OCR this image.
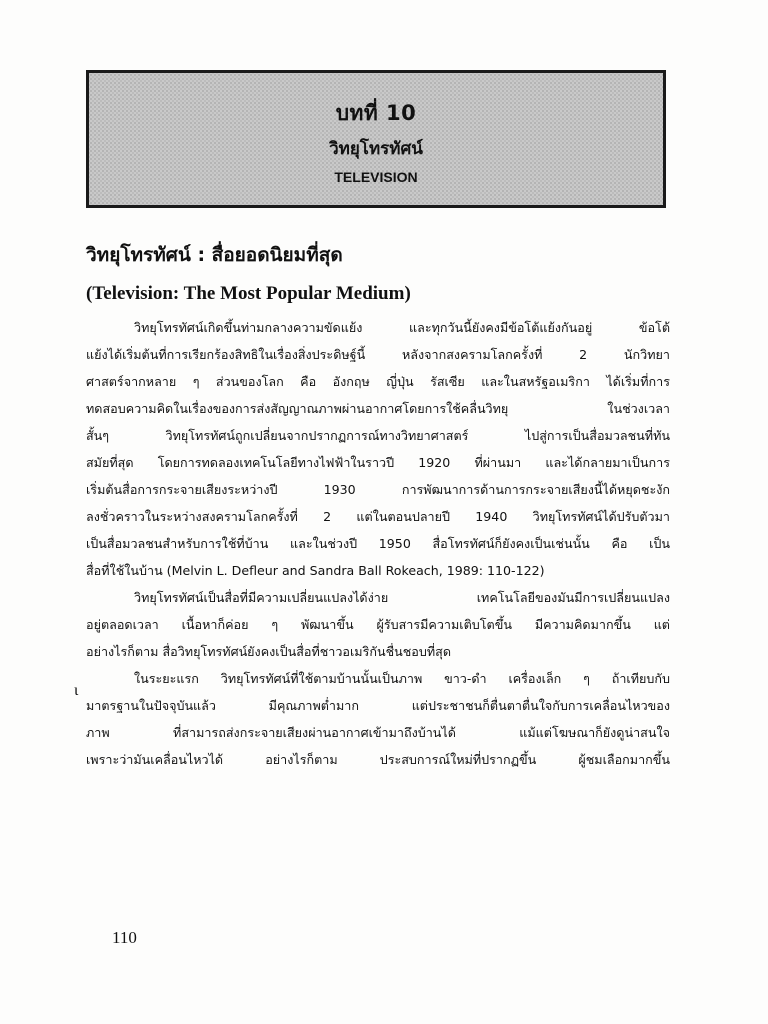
บทที่ 10
วิทยุโทรทัศน์
TELEVISION
วิทยุโทรทัศน์ : สื่อยอดนิยมที่สุด
(Television: The Most Popular Medium)
วิทยุโทรทัศน์เกิดขึ้นท่ามกลางความขัดแย้ง และทุกวันนี้ยังคงมีข้อโต้แย้งกันอยู่ ข้อโต้
แย้งได้เริ่มต้นที่การเรียกร้องสิทธิในเรื่องสิ่งประดิษฐ์นี้ หลังจากสงครามโลกครั้งที่ 2 นักวิทยา
ศาสตร์จากหลาย ๆ ส่วนของโลก คือ อังกฤษ ญี่ปุ่น รัสเซีย และในสหรัฐอเมริกา ได้เริ่มที่การ
ทดสอบความคิดในเรื่องของการส่งสัญญาณภาพผ่านอากาศโดยการใช้คลื่นวิทยุ ในช่วงเวลา
สั้นๆ วิทยุโทรทัศน์ถูกเปลี่ยนจากปรากฏการณ์ทางวิทยาศาสตร์ ไปสู่การเป็นสื่อมวลชนที่ทัน
สมัยที่สุด โดยการทดลองเทคโนโลยีทางไฟฟ้าในราวปี 1920 ที่ผ่านมา และได้กลายมาเป็นการ
เริ่มต้นสื่อการกระจายเสียงระหว่างปี 1930 การพัฒนาการด้านการกระจายเสียงนี้ได้หยุดชะงัก
ลงชั่วคราวในระหว่างสงครามโลกครั้งที่ 2 แต่ในตอนปลายปี 1940 วิทยุโทรทัศน์ได้ปรับตัวมา
เป็นสื่อมวลชนสำหรับการใช้ที่บ้าน และในช่วงปี 1950 สื่อโทรทัศน์ก็ยังคงเป็นเช่นนั้น คือ เป็น
สื่อที่ใช้ในบ้าน (Melvin L. Defleur and Sandra Ball Rokeach, 1989: 110-122)
วิทยุโทรทัศน์เป็นสื่อที่มีความเปลี่ยนแปลงได้ง่าย เทคโนโลยีของมันมีการเปลี่ยนแปลง
อยู่ตลอดเวลา เนื้อหาก็ค่อย ๆ พัฒนาขึ้น ผู้รับสารมีความเติบโตขึ้น มีความคิดมากขึ้น แต่
อย่างไรก็ตาม สื่อวิทยุโทรทัศน์ยังคงเป็นสื่อที่ชาวอเมริกันชื่นชอบที่สุด
ในระยะแรก วิทยุโทรทัศน์ที่ใช้ตามบ้านนั้นเป็นภาพ ขาว-ดำ เครื่องเล็ก ๆ ถ้าเทียบกับ
มาตรฐานในปัจจุบันแล้ว มีคุณภาพต่ำมาก แต่ประชาชนก็ตื่นตาตื่นใจกับการเคลื่อนไหวของ
ภาพ ที่สามารถส่งกระจายเสียงผ่านอากาศเข้ามาถึงบ้านได้ แม้แต่โฆษณาก็ยังดูน่าสนใจ
เพราะว่ามันเคลื่อนไหวได้ อย่างไรก็ตาม ประสบการณ์ใหม่ที่ปรากฏขึ้น ผู้ชมเลือกมากขึ้น
ɩ
110
